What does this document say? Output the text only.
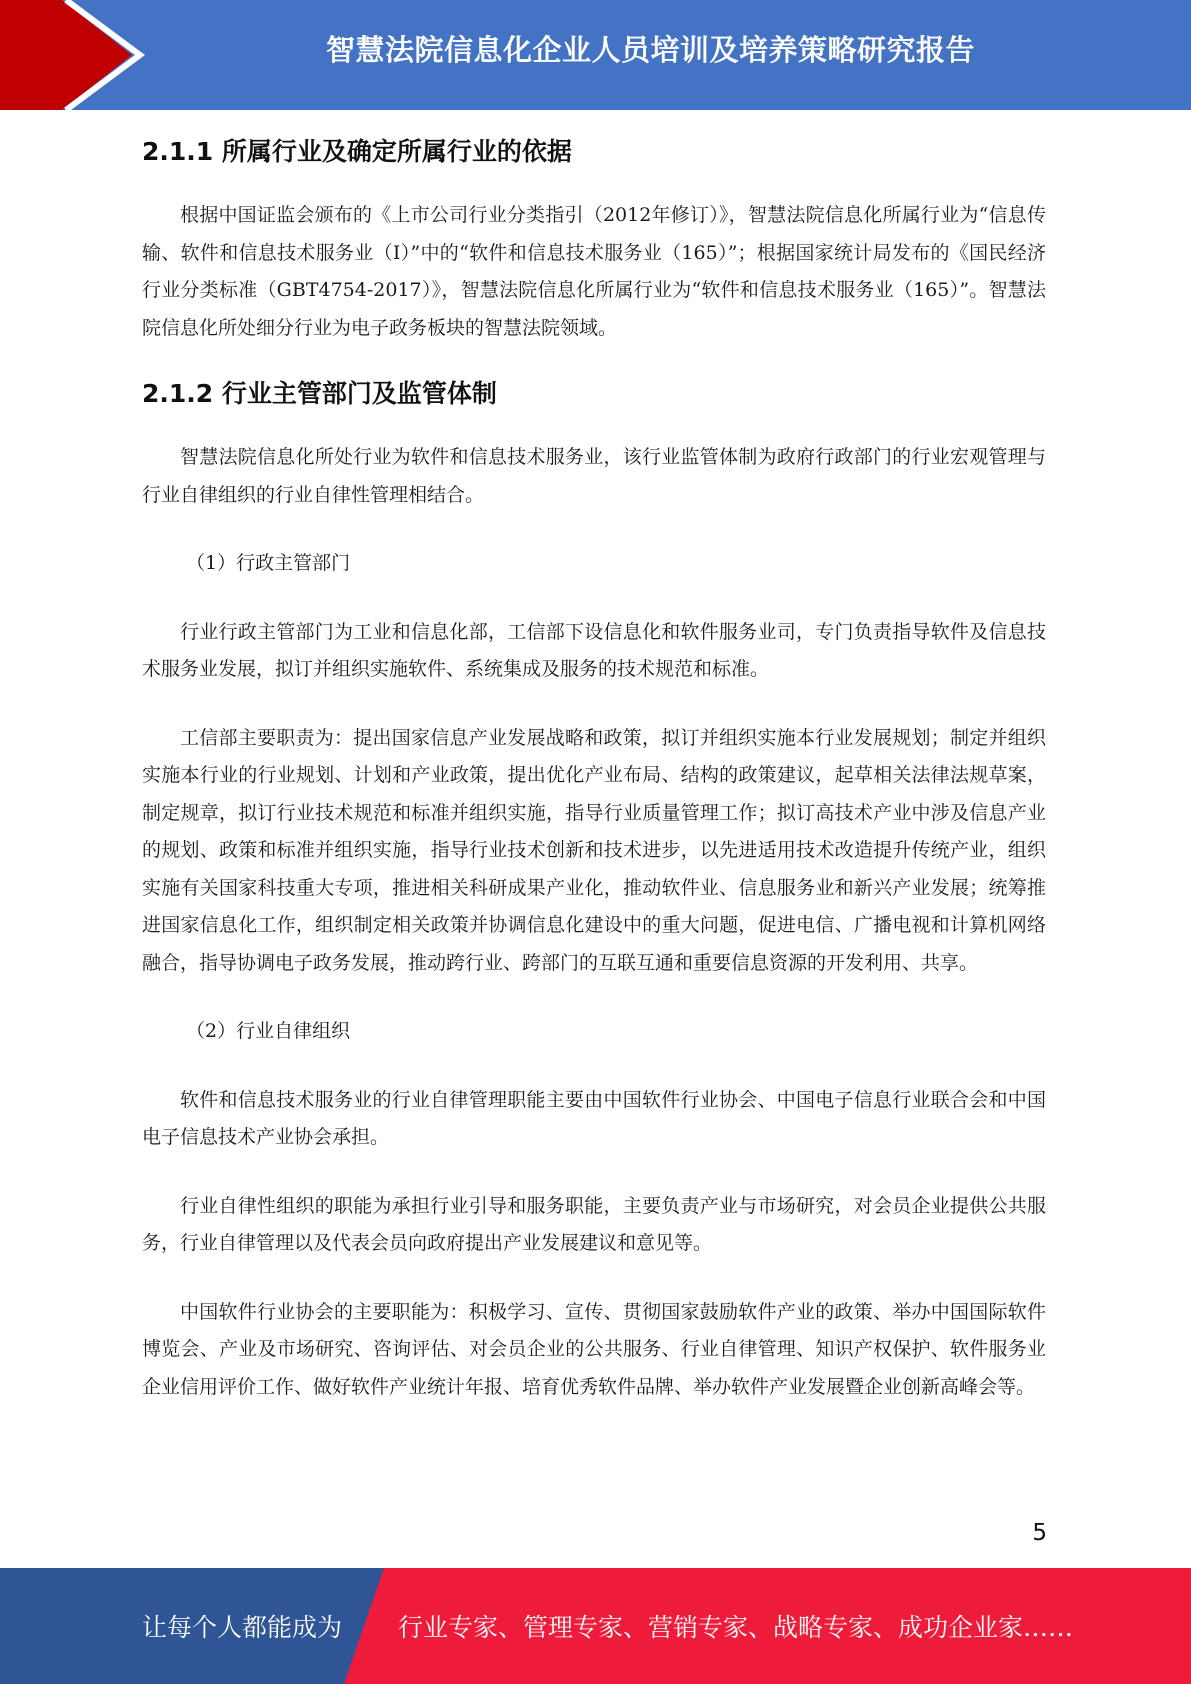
智慧法院信息化企业人员培训及培养策略研究报告
2.1.1 所属行业及确定所属行业的依据

根据中国证监会颁布的《上市公司行业分类指引（2012年修订）》，智慧法院信息化所属行业为“信息传输、软件和信息技术服务业（I）”中的“软件和信息技术服务业（165）”；根据国家统计局发布的《国民经济行业分类标准（GBT4754-2017）》，智慧法院信息化所属行业为“软件和信息技术服务业（165）”。智慧法院信息化所处细分行业为电子政务板块的智慧法院领域。

2.1.2 行业主管部门及监管体制

智慧法院信息化所处行业为软件和信息技术服务业，该行业监管体制为政府行政部门的行业宏观管理与行业自律组织的行业自律性管理相结合。

（1）行政主管部门

行业行政主管部门为工业和信息化部，工信部下设信息化和软件服务业司，专门负责指导软件及信息技术服务业发展，拟订并组织实施软件、系统集成及服务的技术规范和标准。

工信部主要职责为：提出国家信息产业发展战略和政策，拟订并组织实施本行业发展规划；制定并组织实施本行业的行业规划、计划和产业政策，提出优化产业布局、结构的政策建议，起草相关法律法规草案，制定规章，拟订行业技术规范和标准并组织实施，指导行业质量管理工作；拟订高技术产业中涉及信息产业的规划、政策和标准并组织实施，指导行业技术创新和技术进步，以先进适用技术改造提升传统产业，组织实施有关国家科技重大专项，推进相关科研成果产业化，推动软件业、信息服务业和新兴产业发展；统筹推进国家信息化工作，组织制定相关政策并协调信息化建设中的重大问题，促进电信、广播电视和计算机网络融合，指导协调电子政务发展，推动跨行业、跨部门的互联互通和重要信息资源的开发利用、共享。

（2）行业自律组织

软件和信息技术服务业的行业自律管理职能主要由中国软件行业协会、中国电子信息行业联合会和中国电子信息技术产业协会承担。

行业自律性组织的职能为承担行业引导和服务职能，主要负责产业与市场研究，对会员企业提供公共服务，行业自律管理以及代表会员向政府提出产业发展建议和意见等。

中国软件行业协会的主要职能为：积极学习、宣传、贯彻国家鼓励软件产业的政策、举办中国国际软件博览会、产业及市场研究、咨询评估、对会员企业的公共服务、行业自律管理、知识产权保护、软件服务业企业信用评价工作、做好软件产业统计年报、培育优秀软件品牌、举办软件产业发展暨企业创新高峰会等。

5
让每个人都能成为 行业专家、管理专家、营销专家、战略专家、成功企业家……
